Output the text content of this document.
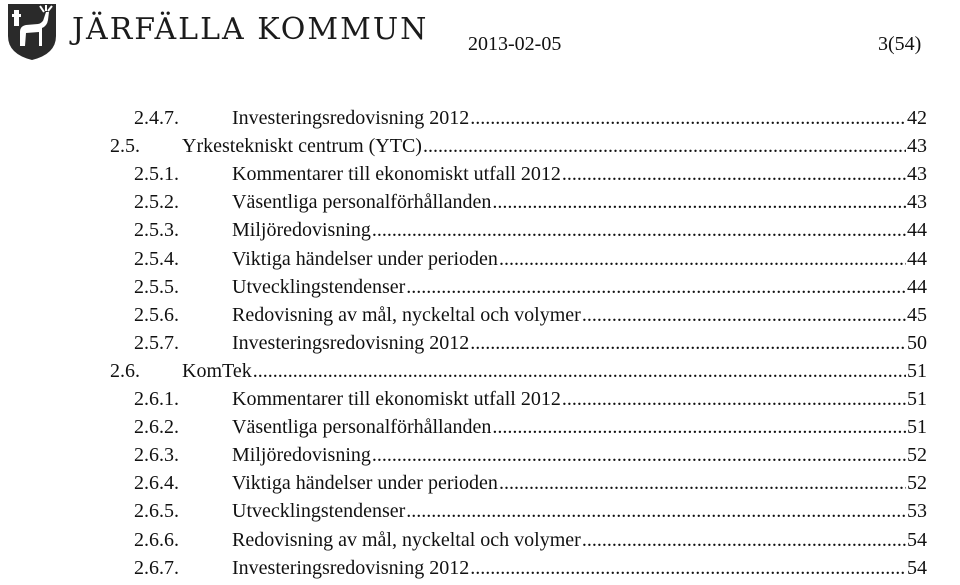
JÄRFÄLLA KOMMUN 2013-02-05	3(54)
2.4.7.	Investeringsredovisning 2012 .....	42
2.5.	Yrkestekniskt centrum (YTC) .....	43
2.5.1.	Kommentarer till ekonomiskt utfall 2012 .....	43
2.5.2.	Väsentliga personalförhållanden .....	43
2.5.3.	Miljöredovisning .....	44
2.5.4.	Viktiga händelser under perioden .....	44
2.5.5.	Utvecklingstendenser .....	44
2.5.6.	Redovisning av mål, nyckeltal och volymer .....	45
2.5.7.	Investeringsredovisning 2012 .....	50
2.6.	KomTek .....	51
2.6.1.	Kommentarer till ekonomiskt utfall 2012 .....	51
2.6.2.	Väsentliga personalförhållanden .....	51
2.6.3.	Miljöredovisning .....	52
2.6.4.	Viktiga händelser under perioden .....	52
2.6.5.	Utvecklingstendenser .....	53
2.6.6.	Redovisning av mål, nyckeltal och volymer .....	54
2.6.7.	Investeringsredovisning 2012 .....	54
